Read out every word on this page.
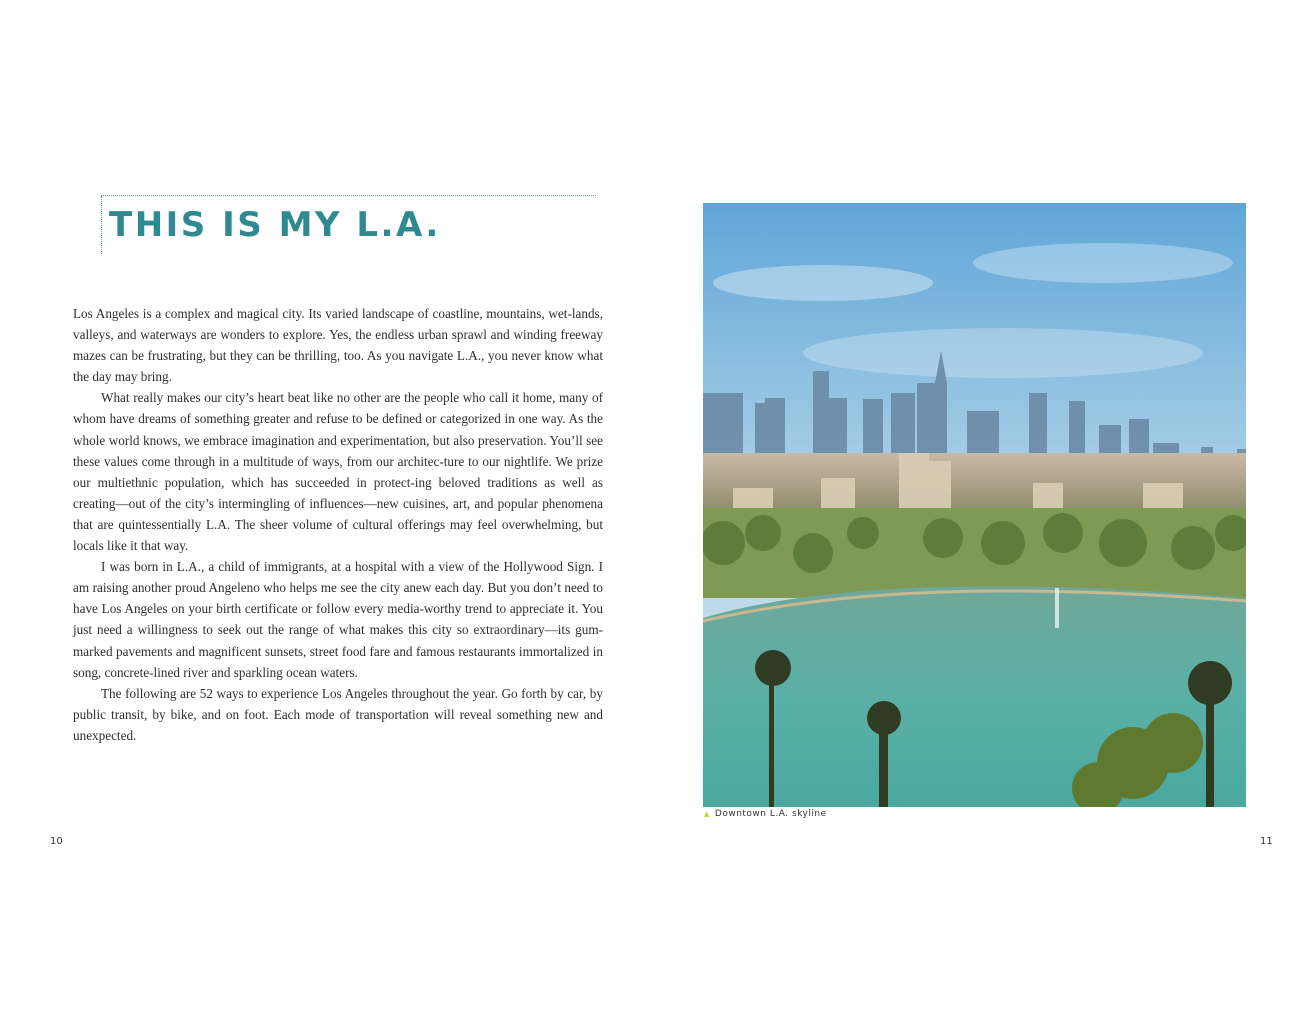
THIS IS MY L.A.

Los Angeles is a complex and magical city. Its varied landscape of coastline, mountains, wet-lands, valleys, and waterways are wonders to explore. Yes, the endless urban sprawl and winding freeway mazes can be frustrating, but they can be thrilling, too. As you navigate L.A., you never know what the day may bring.

What really makes our city’s heart beat like no other are the people who call it home, many of whom have dreams of something greater and refuse to be defined or categorized in one way. As the whole world knows, we embrace imagination and experimentation, but also preservation. You’ll see these values come through in a multitude of ways, from our architec-ture to our nightlife. We prize our multiethnic population, which has succeeded in protect-ing beloved traditions as well as creating—out of the city’s intermingling of influences—new cuisines, art, and popular phenomena that are quintessentially L.A. The sheer volume of cultural offerings may feel overwhelming, but locals like it that way.

I was born in L.A., a child of immigrants, at a hospital with a view of the Hollywood Sign. I am raising another proud Angeleno who helps me see the city anew each day. But you don’t need to have Los Angeles on your birth certificate or follow every media-worthy trend to appreciate it. You just need a willingness to seek out the range of what makes this city so extraordinary—its gum-marked pavements and magnificent sunsets, street food fare and famous restaurants immortalized in song, concrete-lined river and sparkling ocean waters.

The following are 52 ways to experience Los Angeles throughout the year. Go forth by car, by public transit, by bike, and on foot. Each mode of transportation will reveal something new and unexpected.

10
▲ Downtown L.A. skyline
11
